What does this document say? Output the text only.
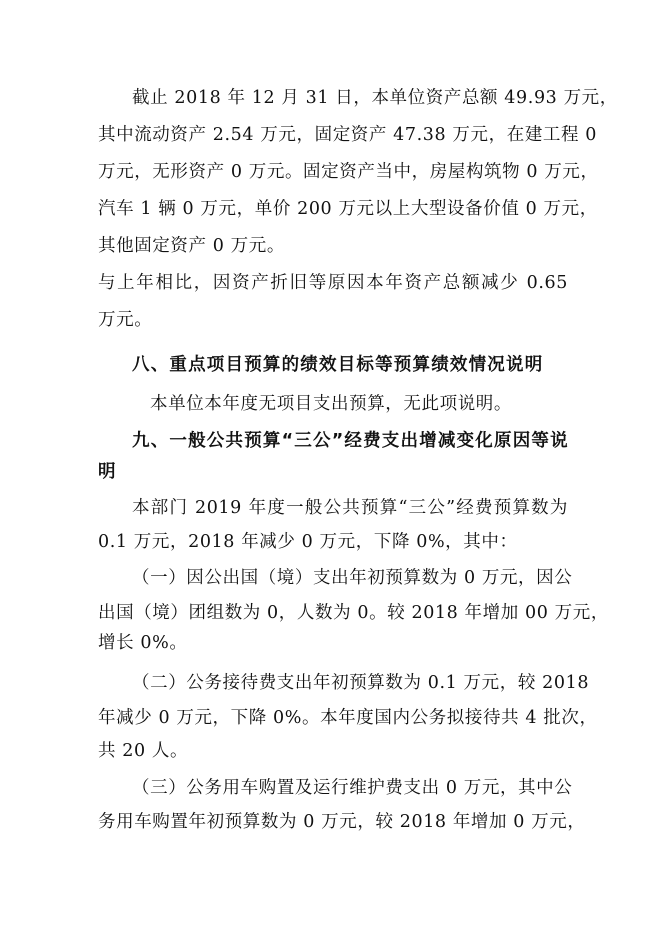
截止 2018 年 12 月 31 日，本单位资产总额 49.93 万元，
其中流动资产 2.54 万元，固定资产 47.38 万元，在建工程 0
万元，无形资产 0 万元。固定资产当中，房屋构筑物 0 万元，
汽车 1 辆 0 万元，单价 200 万元以上大型设备价值 0 万元，
其他固定资产 0 万元。
与上年相比，因资产折旧等原因本年资产总额减少 0.65
万元。
八、重点项目预算的绩效目标等预算绩效情况说明
本单位本年度无项目支出预算，无此项说明。
九、一般公共预算“三公”经费支出增减变化原因等说
明
本部门 2019 年度一般公共预算“三公”经费预算数为
0.1 万元，2018 年减少 0 万元，下降 0%，其中：
（一）因公出国（境）支出年初预算数为 0 万元，因公
出国（境）团组数为 0，人数为 0。较 2018 年增加 00 万元，
增长 0%。
（二）公务接待费支出年初预算数为 0.1 万元，较 2018
年减少 0 万元，下降 0%。本年度国内公务拟接待共 4 批次，
共 20 人。
（三）公务用车购置及运行维护费支出 0 万元，其中公
务用车购置年初预算数为 0 万元，较 2018 年增加 0 万元，
